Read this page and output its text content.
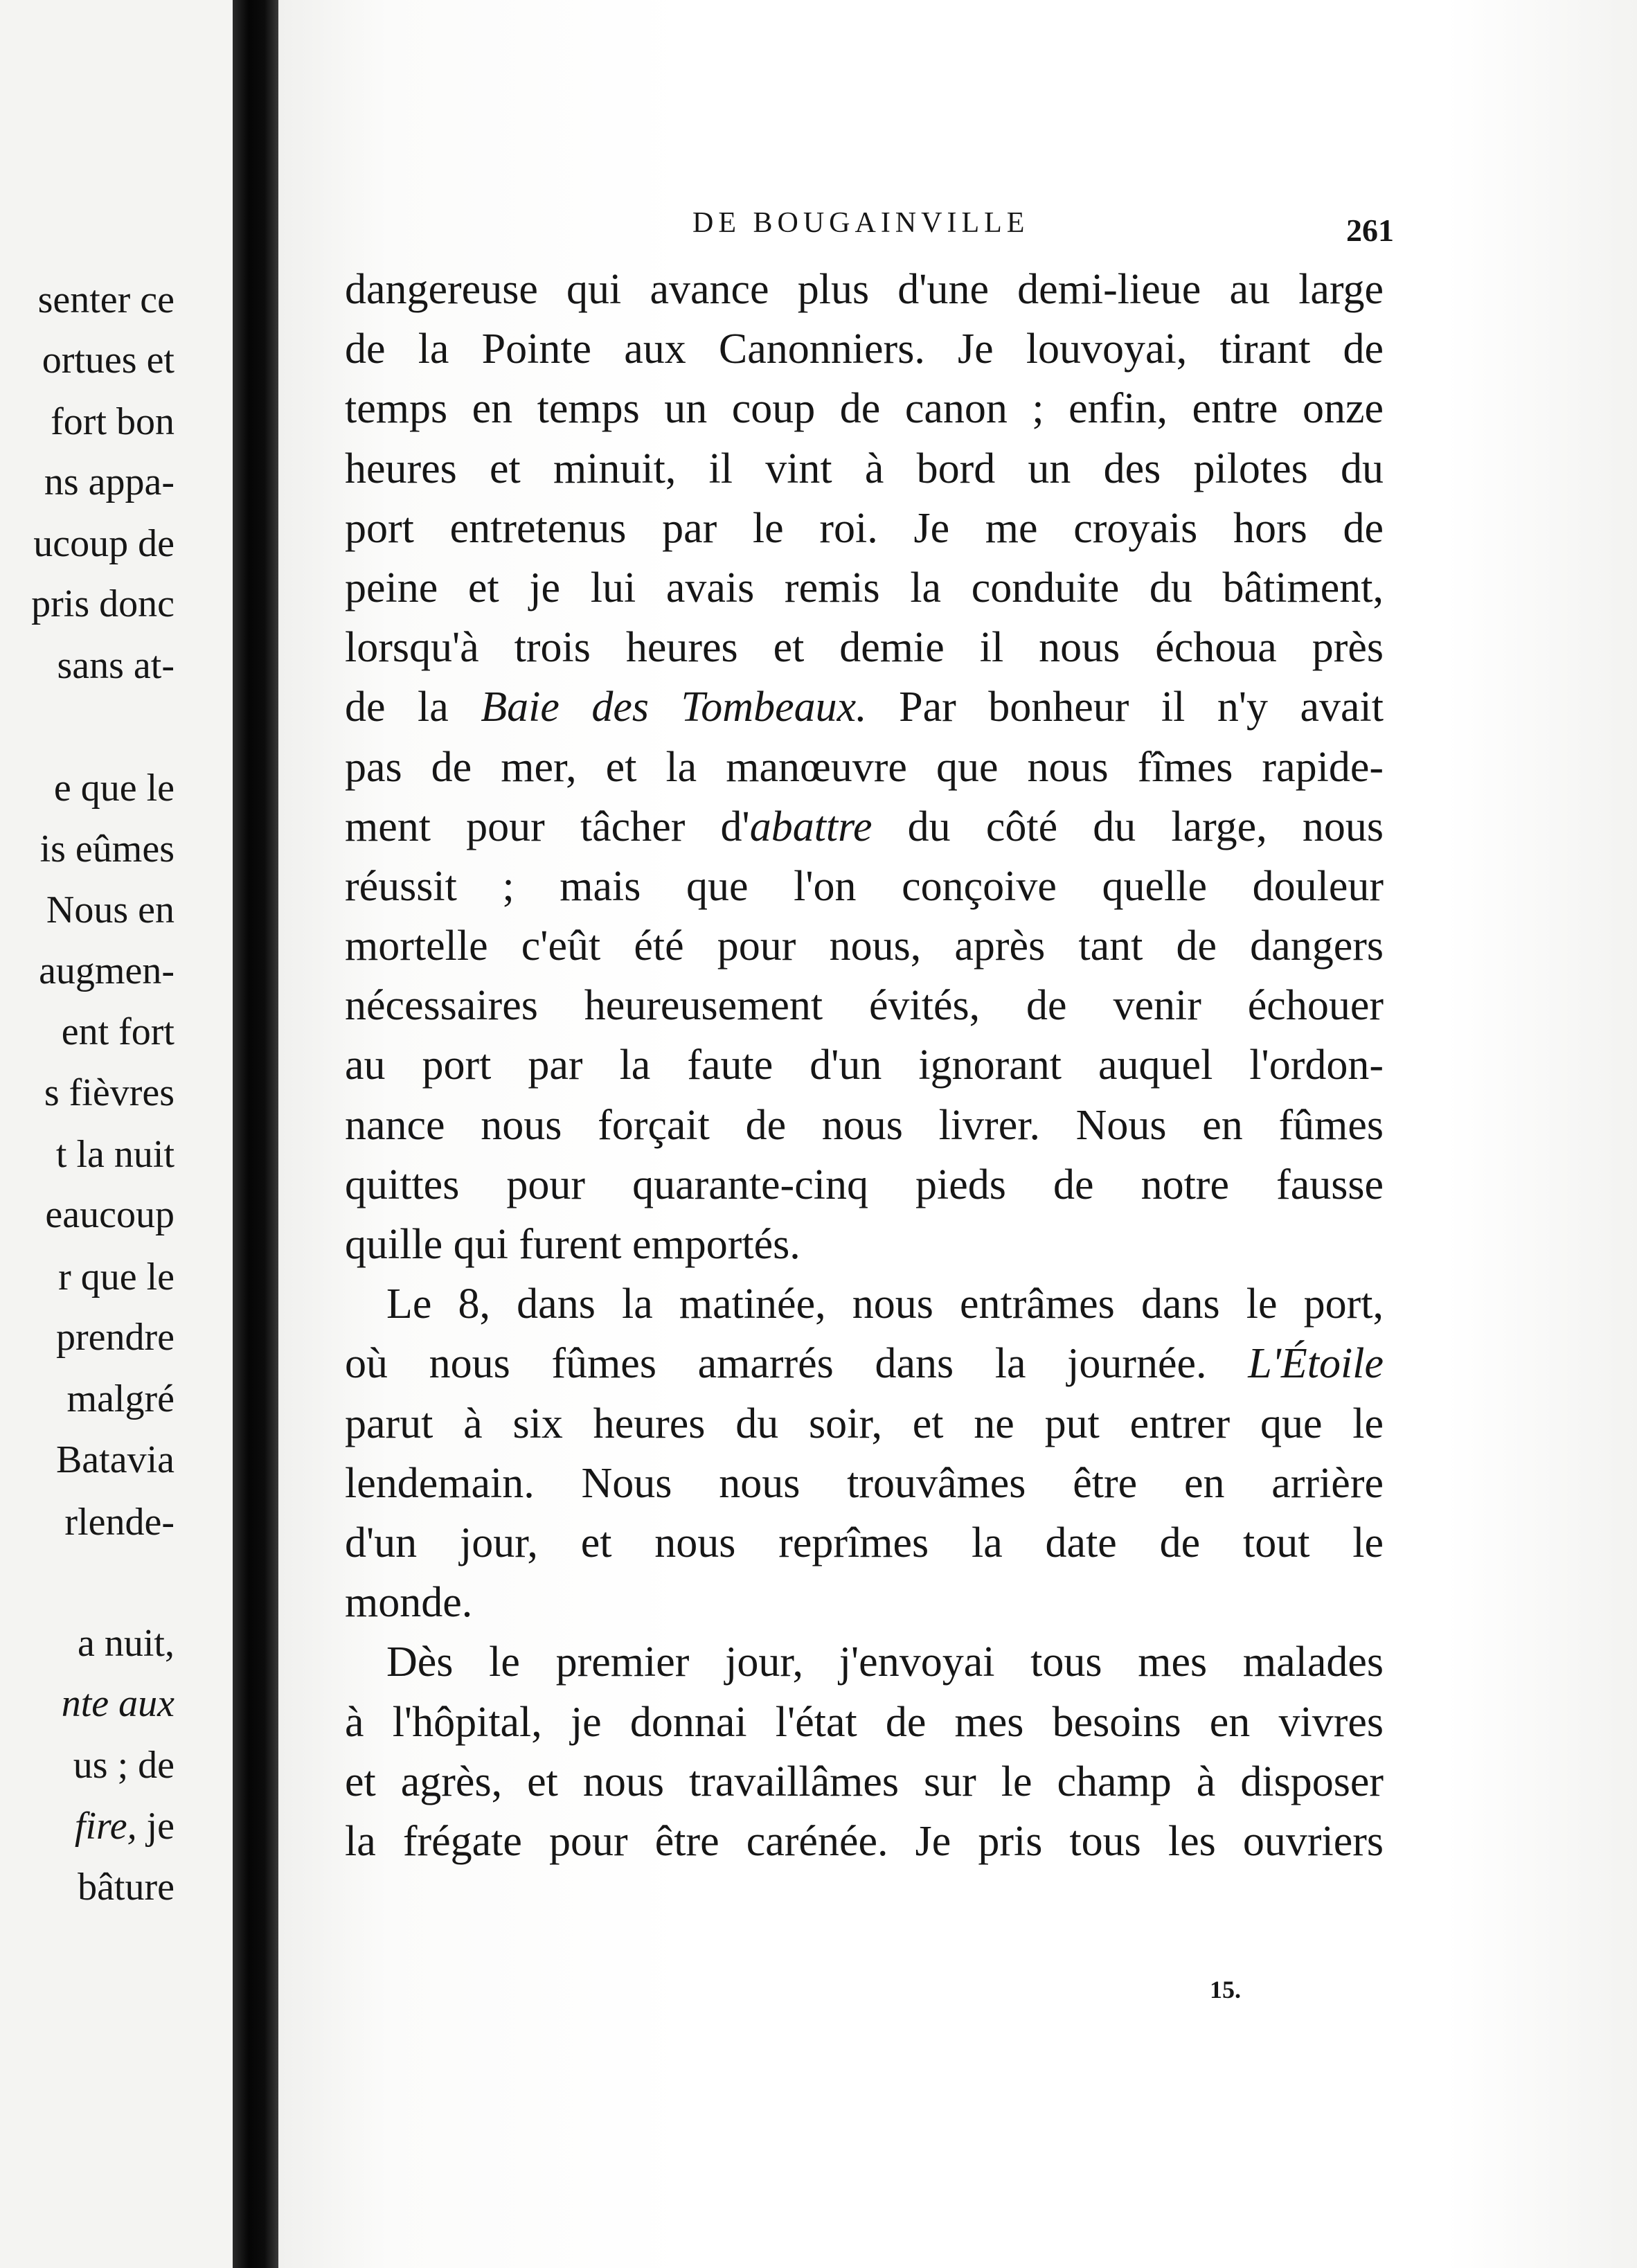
senter ce
ortues et
fort bon
ns appa-
ucoup de
pris donc
sans at-
e que le
is eûmes
Nous en
augmen-
ent fort
s fièvres
t la nuit
eaucoup
r que le
prendre
malgré
Batavia
rlende-
a nuit,
nte aux
us ; de
fire, je
bâture
DE BOUGAINVILLE	261
dangereuse qui avance plus d'une demi-lieue au large
de la Pointe aux Canonniers. Je louvoyai, tirant de
temps en temps un coup de canon ; enfin, entre onze
heures et minuit, il vint à bord un des pilotes du
port entretenus par le roi. Je me croyais hors de
peine et je lui avais remis la conduite du bâtiment,
lorsqu'à trois heures et demie il nous échoua près
de la Baie des Tombeaux. Par bonheur il n'y avait
pas de mer, et la manœuvre que nous fîmes rapide-
ment pour tâcher d'abattre du côté du large, nous
réussit ; mais que l'on conçoive quelle douleur
mortelle c'eût été pour nous, après tant de dangers
nécessaires heureusement évités, de venir échouer
au port par la faute d'un ignorant auquel l'ordon-
nance nous forçait de nous livrer. Nous en fûmes
quittes pour quarante-cinq pieds de notre fausse
quille qui furent emportés.
Le 8, dans la matinée, nous entrâmes dans le port,
où nous fûmes amarrés dans la journée. L'Étoile
parut à six heures du soir, et ne put entrer que le
lendemain. Nous nous trouvâmes être en arrière
d'un jour, et nous reprîmes la date de tout le
monde.
Dès le premier jour, j'envoyai tous mes malades
à l'hôpital, je donnai l'état de mes besoins en vivres
et agrès, et nous travaillâmes sur le champ à disposer
la frégate pour être carénée. Je pris tous les ouvriers
15.
